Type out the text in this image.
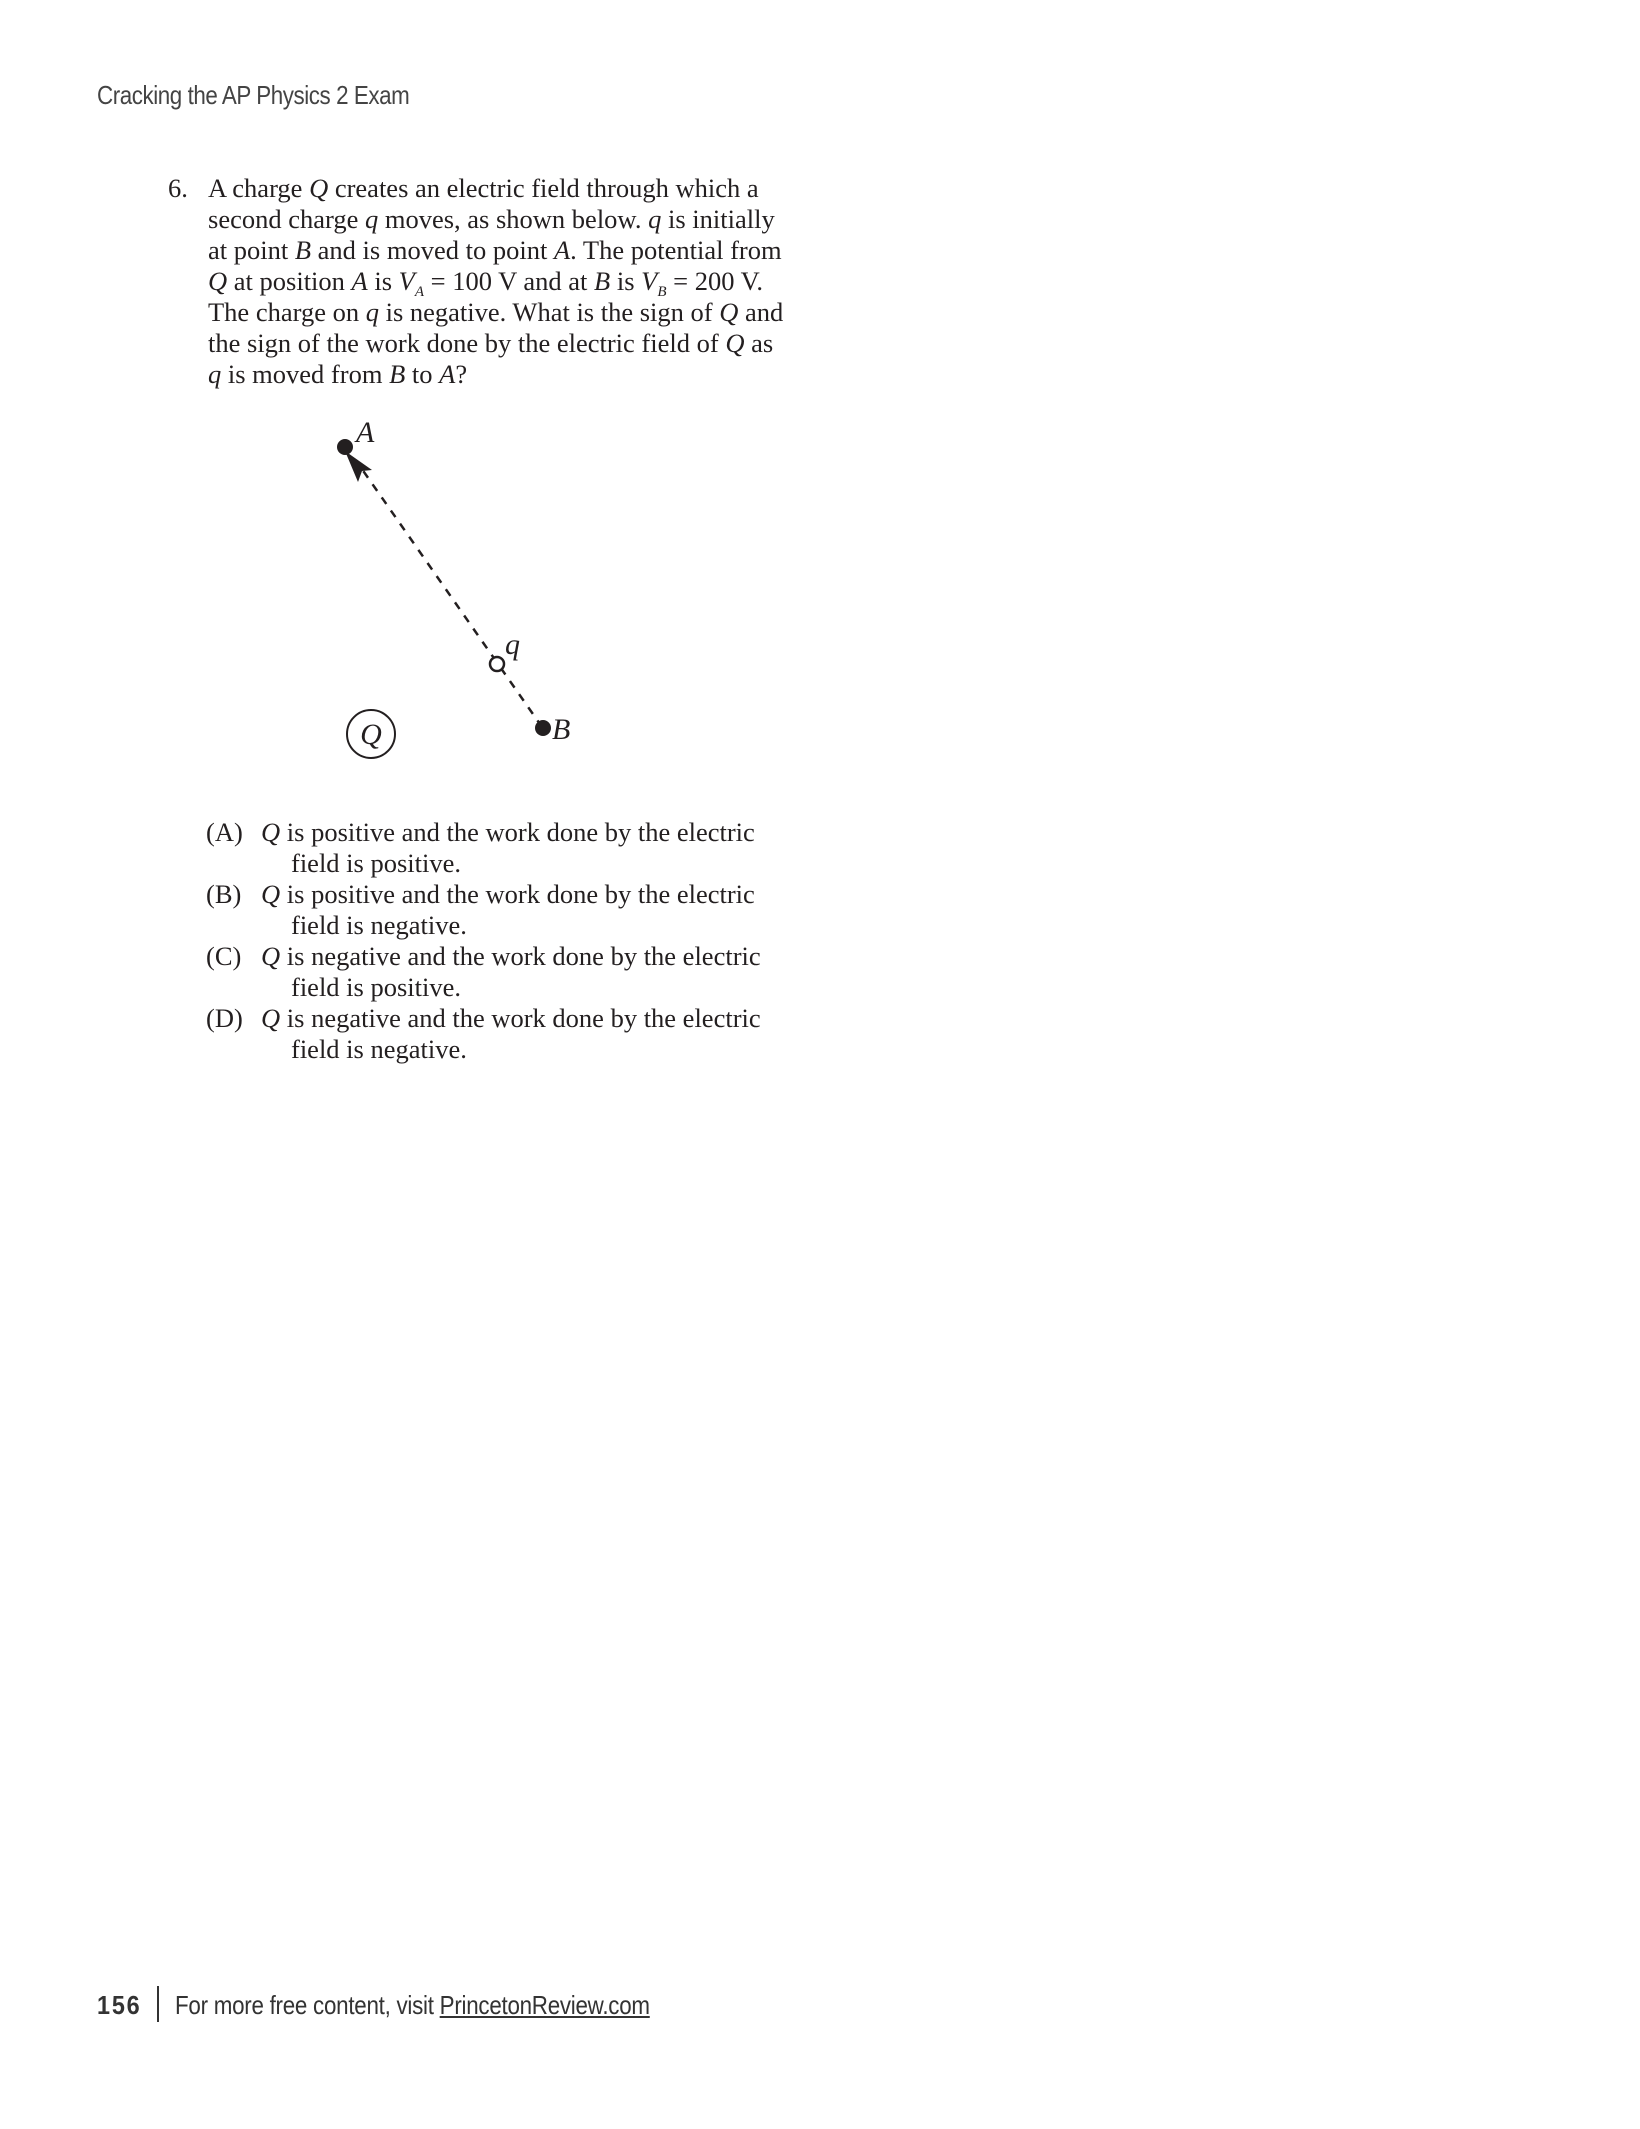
Cracking the AP Physics 2 Exam
6. A charge Q creates an electric field through which a
second charge q moves, as shown below. q is initially
at point B and is moved to point A. The potential from
Q at position A is $V_A = 100$ V and at B is $V_B = 200$ V.
The charge on q is negative. What is the sign of Q and
the sign of the work done by the electric field of Q as
q is moved from B to A?
A
q
B
Q
(A) Q is positive and the work done by the electric
field is positive.
(B) Q is positive and the work done by the electric
field is negative.
(C) Q is negative and the work done by the electric
field is positive.
(D) Q is negative and the work done by the electric
field is negative.
156 For more free content, visit PrincetonReview.com
